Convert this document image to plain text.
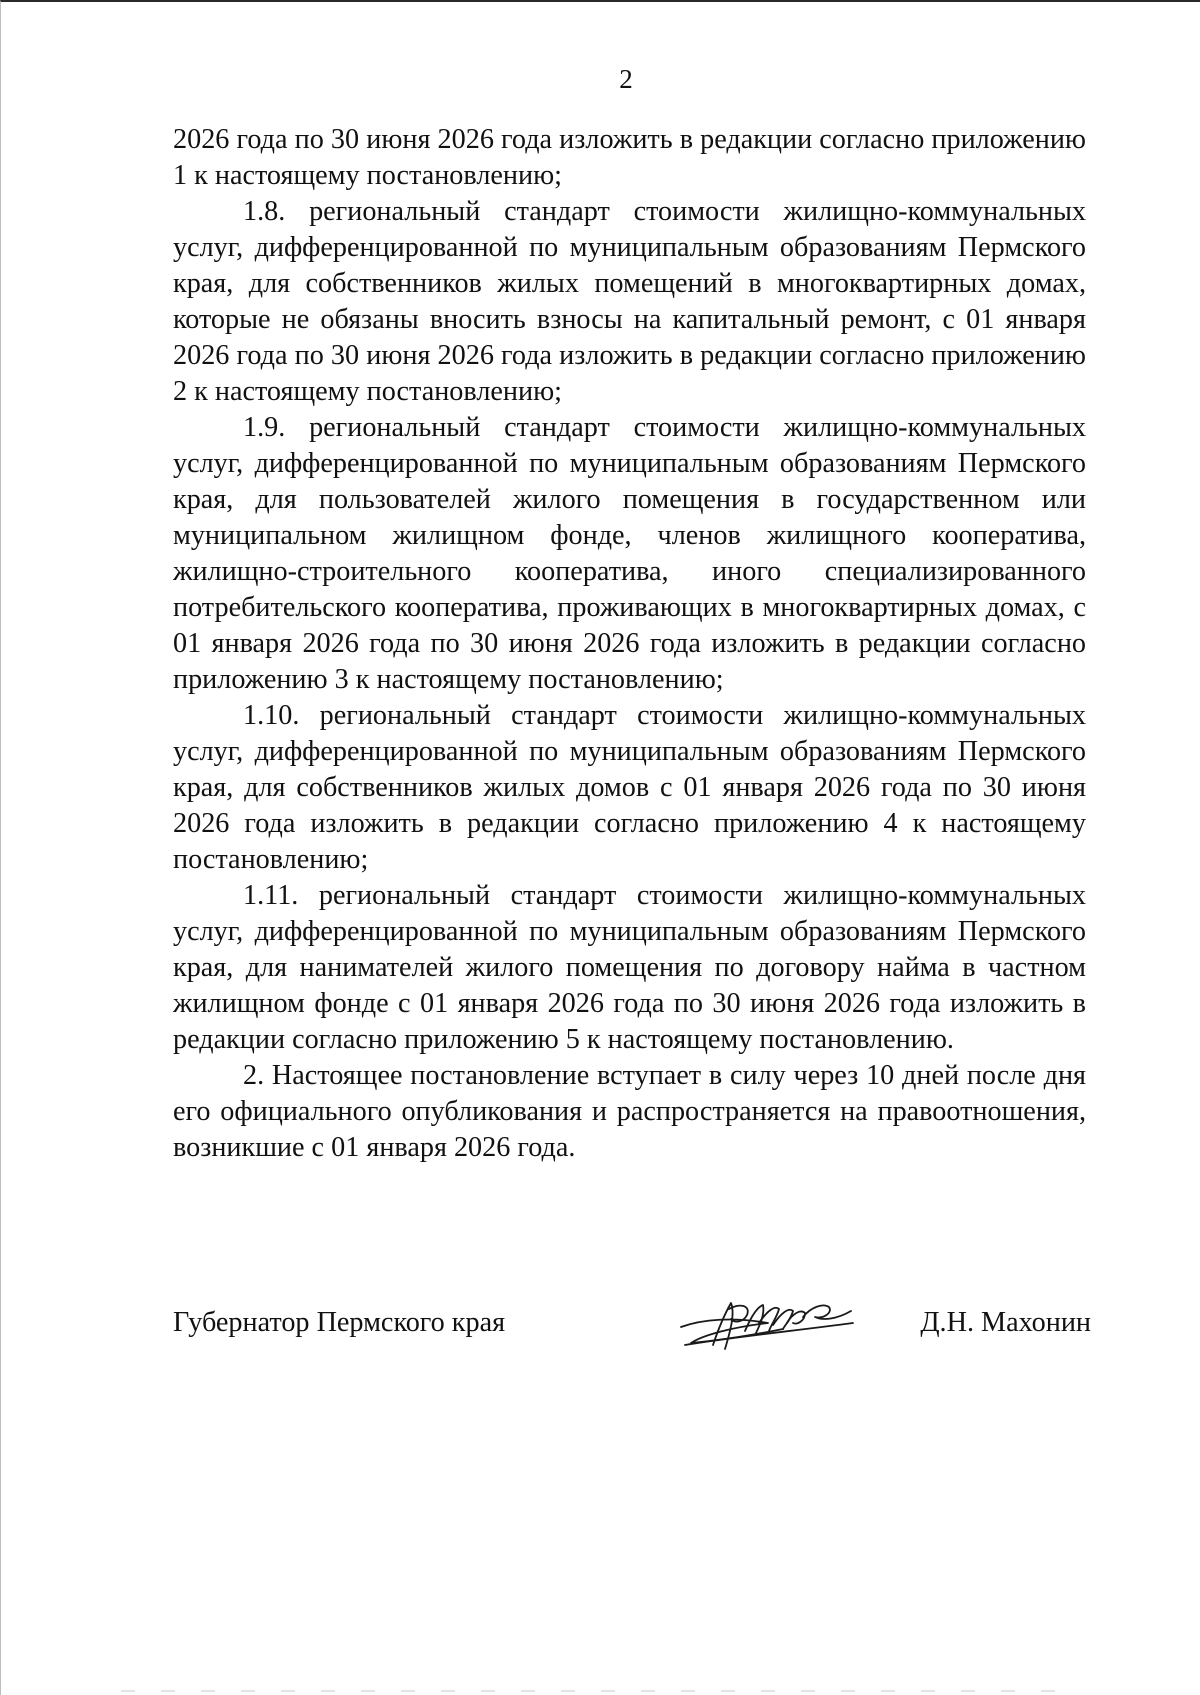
2

2026 года по 30 июня 2026 года изложить в редакции согласно приложению 1 к настоящему постановлению;

1.8. региональный стандарт стоимости жилищно-коммунальных услуг, дифференцированной по муниципальным образованиям Пермского края, для собственников жилых помещений в многоквартирных домах, которые не обязаны вносить взносы на капитальный ремонт, с 01 января 2026 года по 30 июня 2026 года изложить в редакции согласно приложению 2 к настоящему постановлению;

1.9. региональный стандарт стоимости жилищно-коммунальных услуг, дифференцированной по муниципальным образованиям Пермского края, для пользователей жилого помещения в государственном или муниципальном жилищном фонде, членов жилищного кооператива, жилищно-строительного кооператива, иного специализированного потребительского кооператива, проживающих в многоквартирных домах, с 01 января 2026 года по 30 июня 2026 года изложить в редакции согласно приложению 3 к настоящему постановлению;

1.10. региональный стандарт стоимости жилищно-коммунальных услуг, дифференцированной по муниципальным образованиям Пермского края, для собственников жилых домов с 01 января 2026 года по 30 июня 2026 года изложить в редакции согласно приложению 4 к настоящему постановлению;

1.11. региональный стандарт стоимости жилищно-коммунальных услуг, дифференцированной по муниципальным образованиям Пермского края, для нанимателей жилого помещения по договору найма в частном жилищном фонде с 01 января 2026 года по 30 июня 2026 года изложить в редакции согласно приложению 5 к настоящему постановлению.

2. Настоящее постановление вступает в силу через 10 дней после дня его официального опубликования и распространяется на правоотношения, возникшие с 01 января 2026 года.

Губернатор Пермского края	Д.Н. Махонин
